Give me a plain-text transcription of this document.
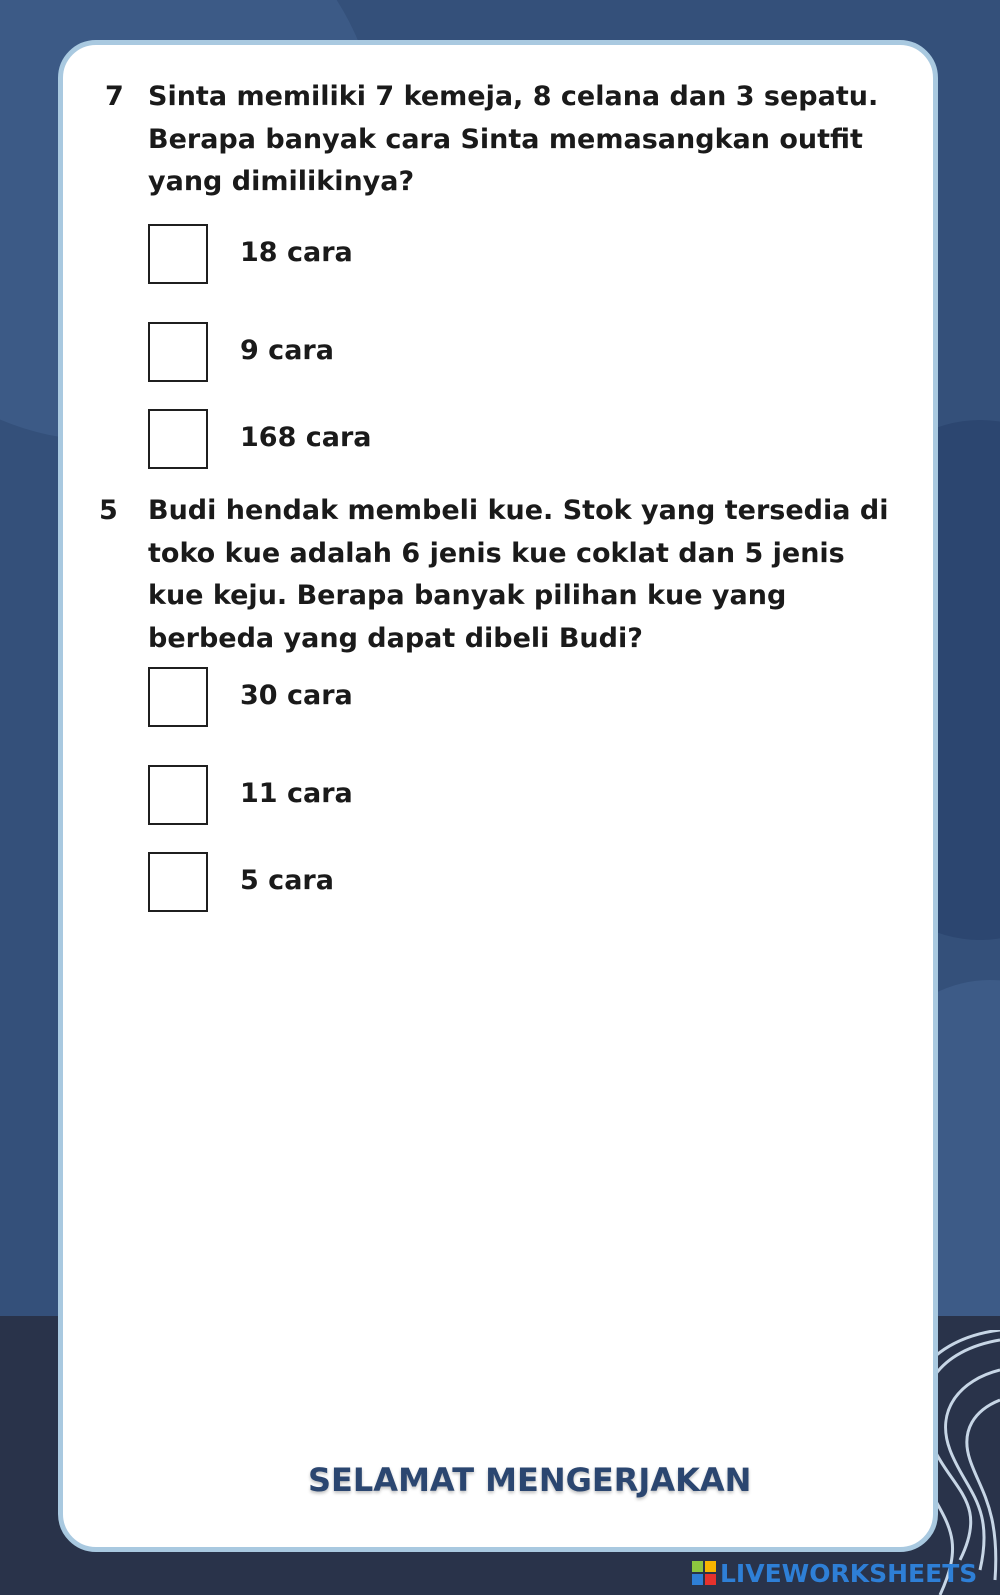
7 Sinta memiliki 7 kemeja, 8 celana dan 3 sepatu. Berapa banyak cara Sinta memasangkan outfit yang dimilikinya?
18 cara
9 cara
168 cara
5 Budi hendak membeli kue. Stok yang tersedia di toko kue adalah 6 jenis kue coklat dan 5 jenis kue keju. Berapa banyak pilihan kue yang berbeda yang dapat dibeli Budi?
30 cara
11 cara
5 cara
SELAMAT MENGERJAKAN
LIVEWORKSHEETS
